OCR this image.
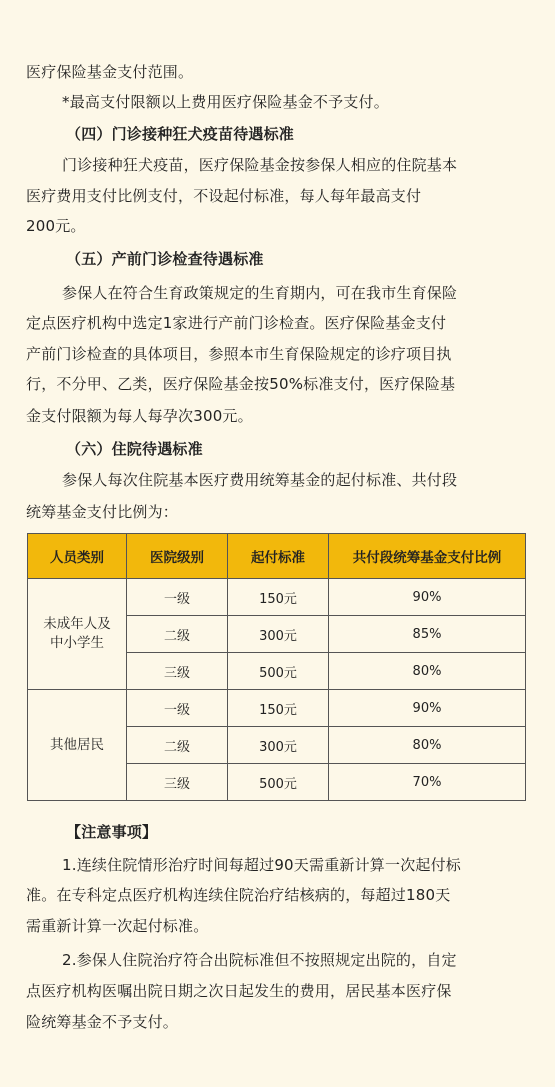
医疗保险基金支付范围。
*最高支付限额以上费用医疗保险基金不予支付。
（四）门诊接种狂犬疫苗待遇标准
门诊接种狂犬疫苗，医疗保险基金按参保人相应的住院基本
医疗费用支付比例支付，不设起付标准，每人每年最高支付
200元。
（五）产前门诊检查待遇标准
参保人在符合生育政策规定的生育期内，可在我市生育保险
定点医疗机构中选定1家进行产前门诊检查。医疗保险基金支付
产前门诊检查的具体项目，参照本市生育保险规定的诊疗项目执
行，不分甲、乙类，医疗保险基金按50%标准支付，医疗保险基
金支付限额为每人每孕次300元。
（六）住院待遇标准
参保人每次住院基本医疗费用统筹基金的起付标准、共付段
统筹基金支付比例为：
人员类别	医院级别	起付标准	共付段统筹基金支付比例

未成年人及
中小学生	一级	150元	90%
	二级	300元	85%
	三级	500元	80%
其他居民	一级	150元	90%
	二级	300元	80%
	三级	500元	70%
【注意事项】
1.连续住院情形治疗时间每超过90天需重新计算一次起付标
准。在专科定点医疗机构连续住院治疗结核病的，每超过180天
需重新计算一次起付标准。
2.参保人住院治疗符合出院标准但不按照规定出院的，自定
点医疗机构医嘱出院日期之次日起发生的费用，居民基本医疗保
险统筹基金不予支付。
